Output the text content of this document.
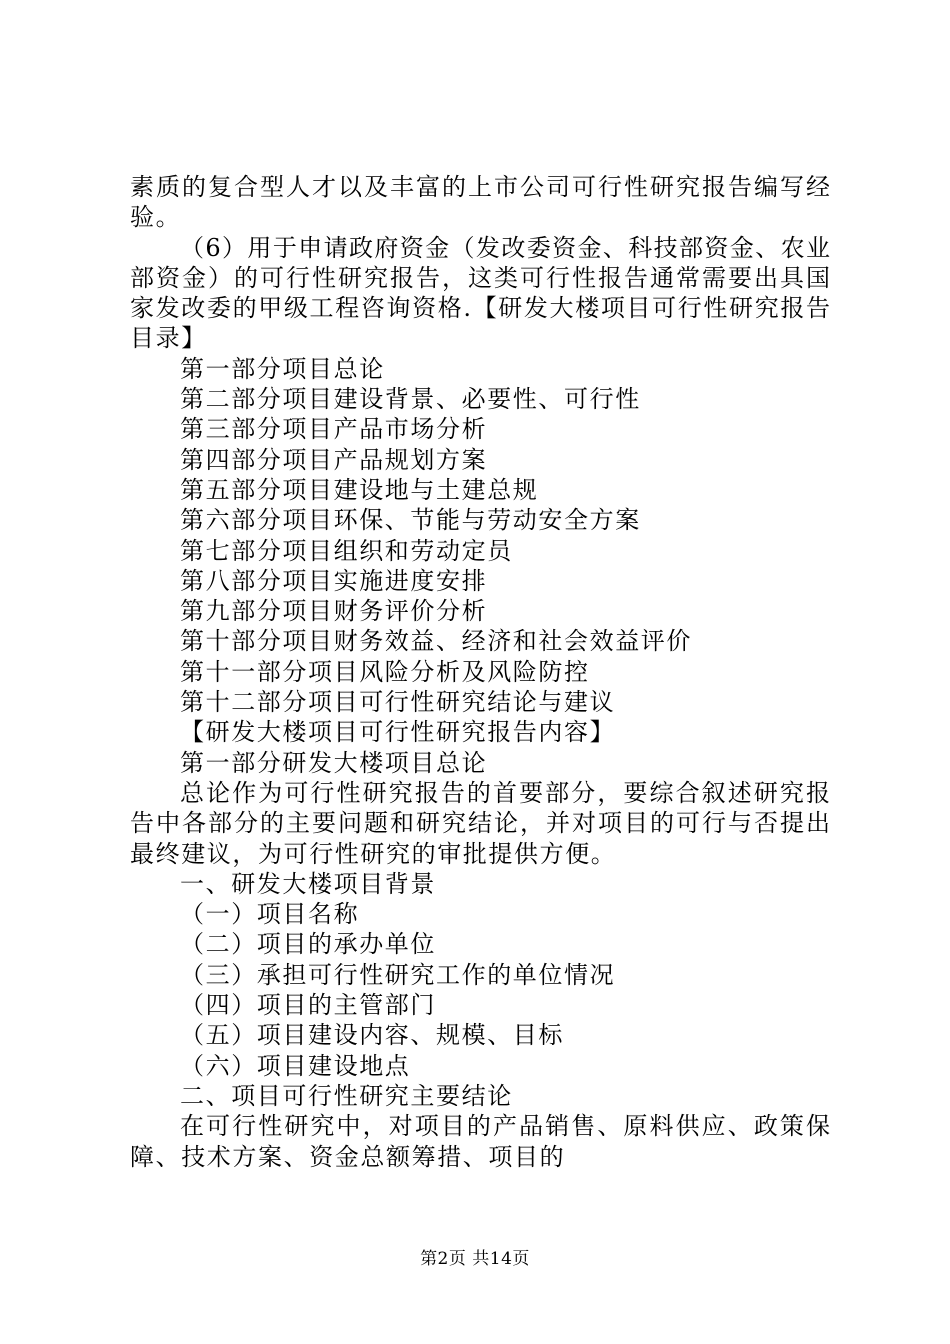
素质的复合型人才以及丰富的上市公司可行性研究报告编写经
验。
（6）用于申请政府资金（发改委资金、科技部资金、农业
部资金）的可行性研究报告，这类可行性报告通常需要出具国
家发改委的甲级工程咨询资格.【研发大楼项目可行性研究报告
目录】
第一部分项目总论
第二部分项目建设背景、必要性、可行性
第三部分项目产品市场分析
第四部分项目产品规划方案
第五部分项目建设地与土建总规
第六部分项目环保、节能与劳动安全方案
第七部分项目组织和劳动定员
第八部分项目实施进度安排
第九部分项目财务评价分析
第十部分项目财务效益、经济和社会效益评价
第十一部分项目风险分析及风险防控
第十二部分项目可行性研究结论与建议
【研发大楼项目可行性研究报告内容】
第一部分研发大楼项目总论
总论作为可行性研究报告的首要部分，要综合叙述研究报
告中各部分的主要问题和研究结论，并对项目的可行与否提出
最终建议，为可行性研究的审批提供方便。
一、研发大楼项目背景
（一）项目名称
（二）项目的承办单位
（三）承担可行性研究工作的单位情况
（四）项目的主管部门
（五）项目建设内容、规模、目标
（六）项目建设地点
二、项目可行性研究主要结论
在可行性研究中，对项目的产品销售、原料供应、政策保
障、技术方案、资金总额筹措、项目的
第2页 共14页
